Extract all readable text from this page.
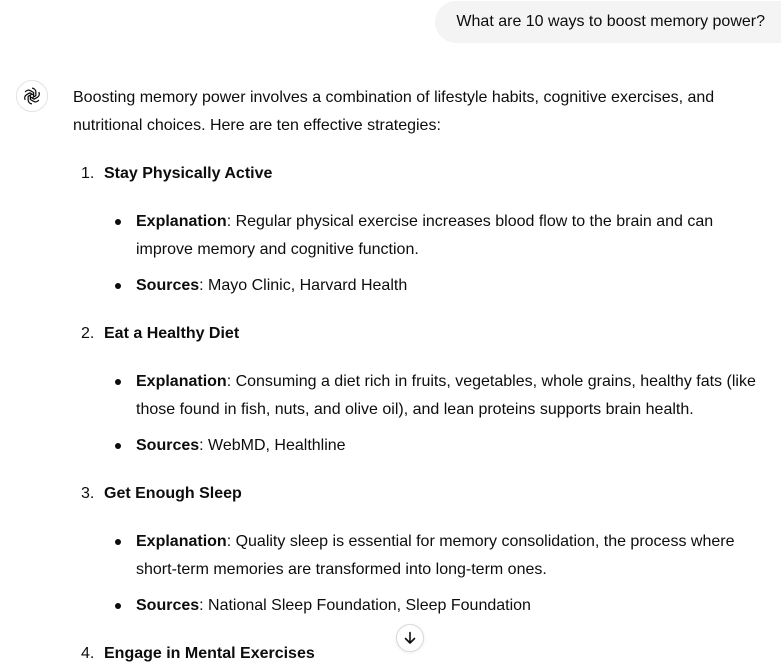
What are 10 ways to boost memory power?

Boosting memory power involves a combination of lifestyle habits, cognitive exercises, and nutritional choices. Here are ten effective strategies:

1. Stay Physically Active
Explanation: Regular physical exercise increases blood flow to the brain and can improve memory and cognitive function.
Sources: Mayo Clinic, Harvard Health
2. Eat a Healthy Diet
Explanation: Consuming a diet rich in fruits, vegetables, whole grains, healthy fats (like those found in fish, nuts, and olive oil), and lean proteins supports brain health.
Sources: WebMD, Healthline
3. Get Enough Sleep
Explanation: Quality sleep is essential for memory consolidation, the process where short-term memories are transformed into long-term ones.
Sources: National Sleep Foundation, Sleep Foundation
4. Engage in Mental Exercises
